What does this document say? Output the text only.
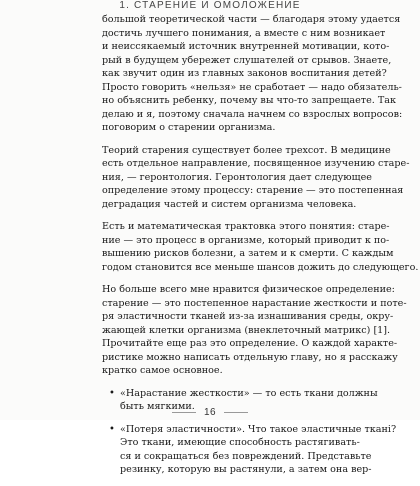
1. СТАРЕНИЕ И ОМОЛОЖЕНИЕ

большой теоретической части — благодаря этому удается
достичь лучшего понимания, а вместе с ним возникает
и неиссякаемый источник внутренней мотивации, кото-
рый в будущем убережет слушателей от срывов. Знаете,
как звучит один из главных законов воспитания детей?
Просто говорить «нельзя» не сработает — надо обязатель-
но объяснить ребенку, почему вы что-то запрещаете. Так
делаю и я, поэтому сначала начнем со взрослых вопросов:
поговорим о старении организма.

Теорий старения существует более трехсот. В медицине
есть отдельное направление, посвященное изучению старе-
ния, — геронтология. Геронтология дает следующее
определение этому процессу: старение — это постепенная
деградация частей и систем организма человека.

Есть и математическая трактовка этого понятия: старе-
ние — это процесс в организме, который приводит к по-
вышению рисков болезни, а затем и к смерти. С каждым
годом становится все меньше шансов дожить до следующего.

Но больше всего мне нравится физическое определение:
старение — это постепенное нарастание жесткости и поте-
ря эластичности тканей из-за изнашивания среды, окру-
жающей клетки организма (внеклеточный матрикс) [1].
Прочитайте еще раз это определение. О каждой характе-
ристике можно написать отдельную главу, но я расскажу
кратко самое основное.

• «Нарастание жесткости» — то есть ткани должны
быть мягкими.
• «Потеря эластичности». Что такое эластичные ткані?
Это ткани, имеющие способность растягивать-
ся и сокращаться без повреждений. Представьте
резинку, которую вы растянули, а затем она вер-
16
